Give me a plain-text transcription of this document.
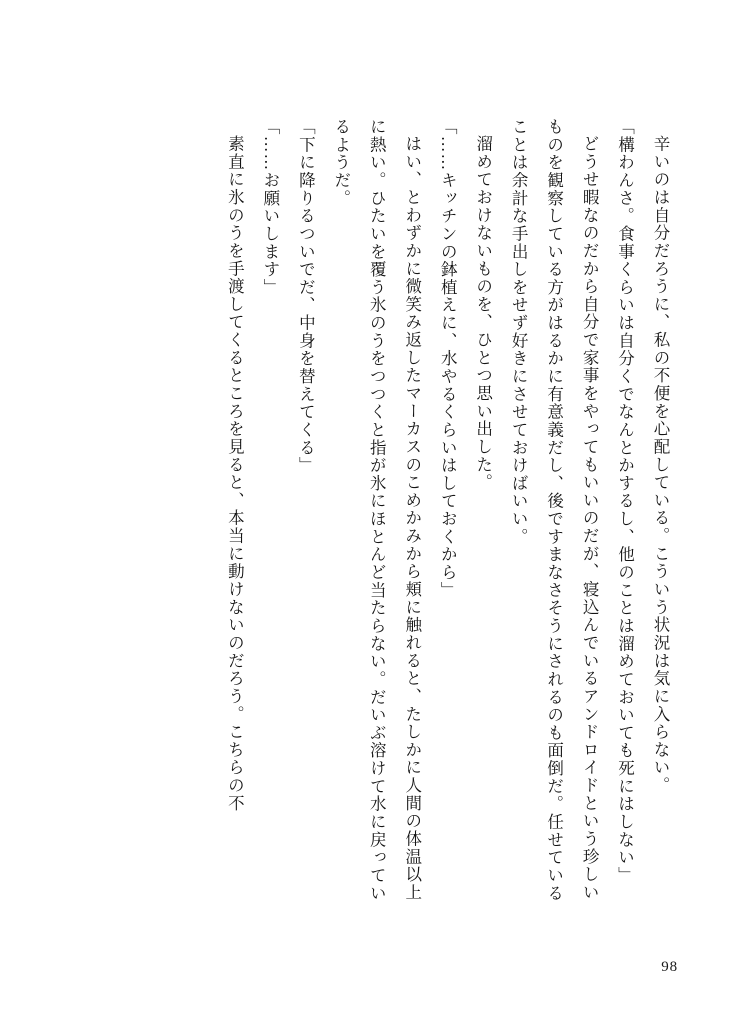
辛いのは自分だろうに、私の不便を心配している。こういう状況は気に入らない。

「構わんさ。食事くらいは自分くでなんとかするし、他のことは溜めておいても死にはしない」

どうせ暇なのだから自分で家事をやってもいいのだが、寝込んでいるアンドロイドという珍しいものを観察している方がはるかに有意義だし、後ですまなさそうにされるのも面倒だ。任せていることは余計な手出しをせず好きにさせておけばいい。

溜めておけないものを、ひとつ思い出した。

「……キッチンの鉢植えに、水やるくらいはしておくから」

はい、とわずかに微笑み返したマーカスのこめかみから頬に触れると、たしかに人間の体温以上に熱い。ひたいを覆う氷のうをつつくと指が氷にほとんど当たらない。だいぶ溶けて水に戻っているようだ。

「下に降りるついでだ、中身を替えてくる」

「……お願いします」

素直に氷のうを手渡してくるところを見ると、本当に動けないのだろう。こちらの不

98
